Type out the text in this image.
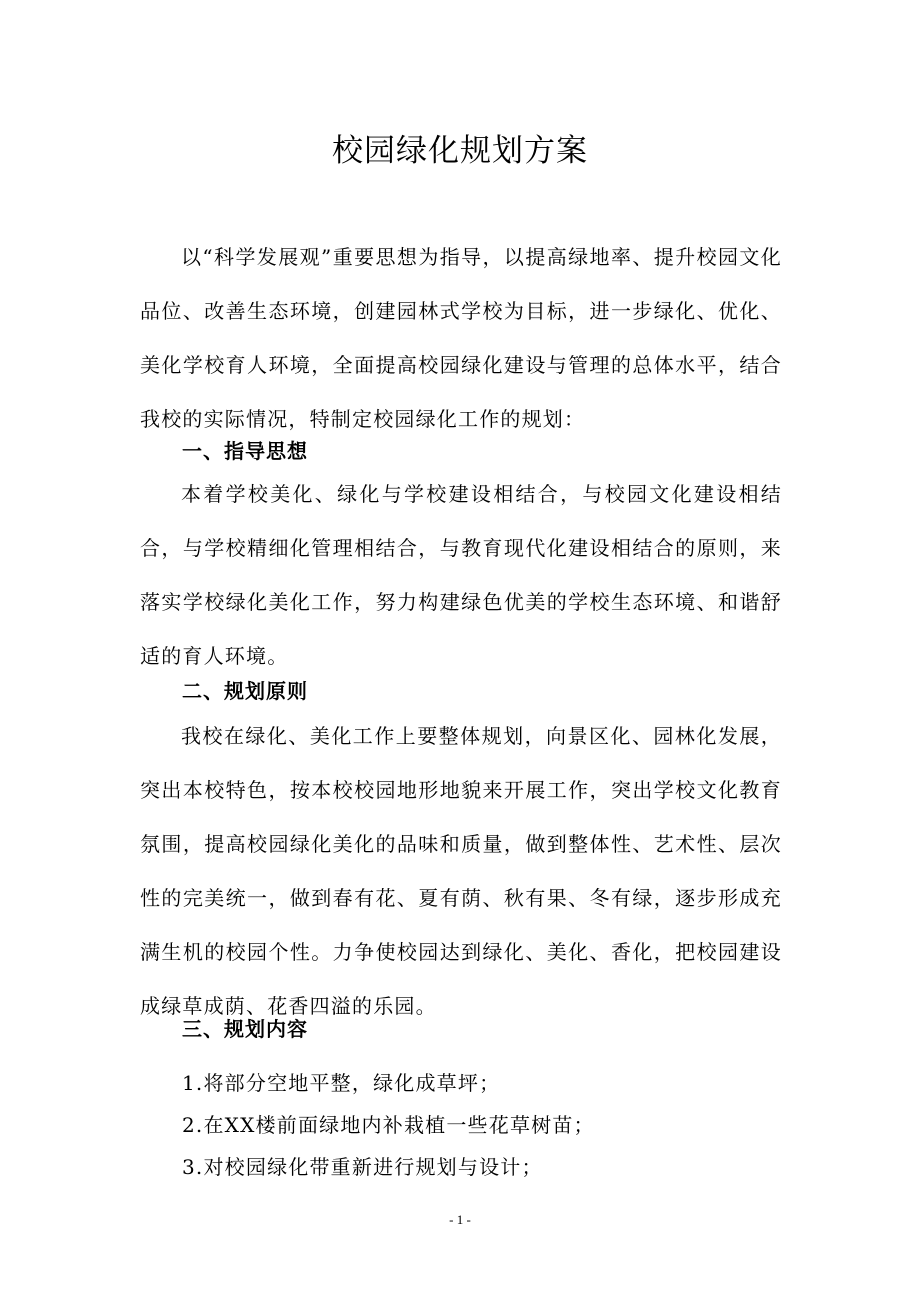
校园绿化规划方案

以“科学发展观”重要思想为指导，以提高绿地率、提升校园文化品位、改善生态环境，创建园林式学校为目标，进一步绿化、优化、美化学校育人环境，全面提高校园绿化建设与管理的总体水平，结合我校的实际情况，特制定校园绿化工作的规划：

一、指导思想

本着学校美化、绿化与学校建设相结合，与校园文化建设相结合，与学校精细化管理相结合，与教育现代化建设相结合的原则，来落实学校绿化美化工作，努力构建绿色优美的学校生态环境、和谐舒适的育人环境。

二、规划原则

我校在绿化、美化工作上要整体规划，向景区化、园林化发展，突出本校特色，按本校校园地形地貌来开展工作，突出学校文化教育氛围，提高校园绿化美化的品味和质量，做到整体性、艺术性、层次性的完美统一，做到春有花、夏有荫、秋有果、冬有绿，逐步形成充满生机的校园个性。力争使校园达到绿化、美化、香化，把校园建设成绿草成荫、花香四溢的乐园。

三、规划内容
1.将部分空地平整，绿化成草坪；
2.在XX楼前面绿地内补栽植一些花草树苗；
3.对校园绿化带重新进行规划与设计；
- 1 -
